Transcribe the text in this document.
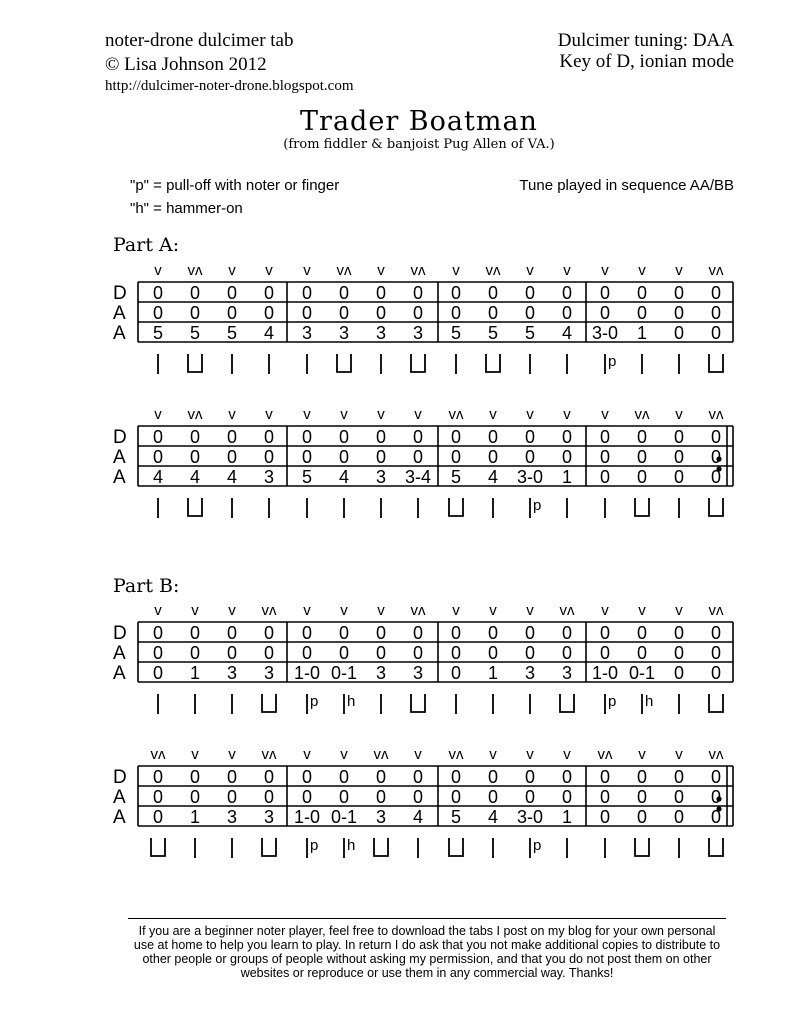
noter-drone dulcimer tab
© Lisa Johnson 2012
http://dulcimer-noter-drone.blogspot.com
Dulcimer tuning: DAA
Key of D, ionian mode
Trader Boatman
(from fiddler & banjoist Pug Allen of VA.)
"p" = pull-off with noter or finger
"h" = hammer-on
Tune played in sequence AA/BB
Part A:
Part B:
D
A
A
v vʌ v v v vʌ v vʌ v vʌ v v v v v vʌ
0 0 0 0 0 0 0 0 0 0 0 0 0 0 0 0
0 0 0 0 0 0 0 0 0 0 0 0 0 0 0 0
5 5 5 4 3 3 3 3 5 5 5 4 3-0 1 0 0
p
D
A
A
v vʌ v v v v v v vʌ v v v v vʌ v vʌ
0 0 0 0 0 0 0 0 0 0 0 0 0 0 0 0
0 0 0 0 0 0 0 0 0 0 0 0 0 0 0 0
4 4 4 3 5 4 3 3-4 5 4 3-0 1 0 0 0 0
p
D
A
A
v v v vʌ v v v vʌ v v v vʌ v v v vʌ
0 0 0 0 0 0 0 0 0 0 0 0 0 0 0 0
0 0 0 0 0 0 0 0 0 0 0 0 0 0 0 0
0 1 3 3 1-0 0-1 3 3 0 1 3 3 1-0 0-1 0 0
p h	p h
D
A
A
vʌ v v vʌ v v vʌ v vʌ v v v vʌ v v vʌ
0 0 0 0 0 0 0 0 0 0 0 0 0 0 0 0
0 0 0 0 0 0 0 0 0 0 0 0 0 0 0 0
0 1 3 3 1-0 0-1 3 4 5 4 3-0 1 0 0 0 0
p h	p
If you are a beginner noter player, feel free to download the tabs I post on my blog for your own personal use at home to help you learn to play. In return I do ask that you not make additional copies to distribute to other people or groups of people without asking my permission, and that you do not post them on other websites or reproduce or use them in any commercial way. Thanks!
